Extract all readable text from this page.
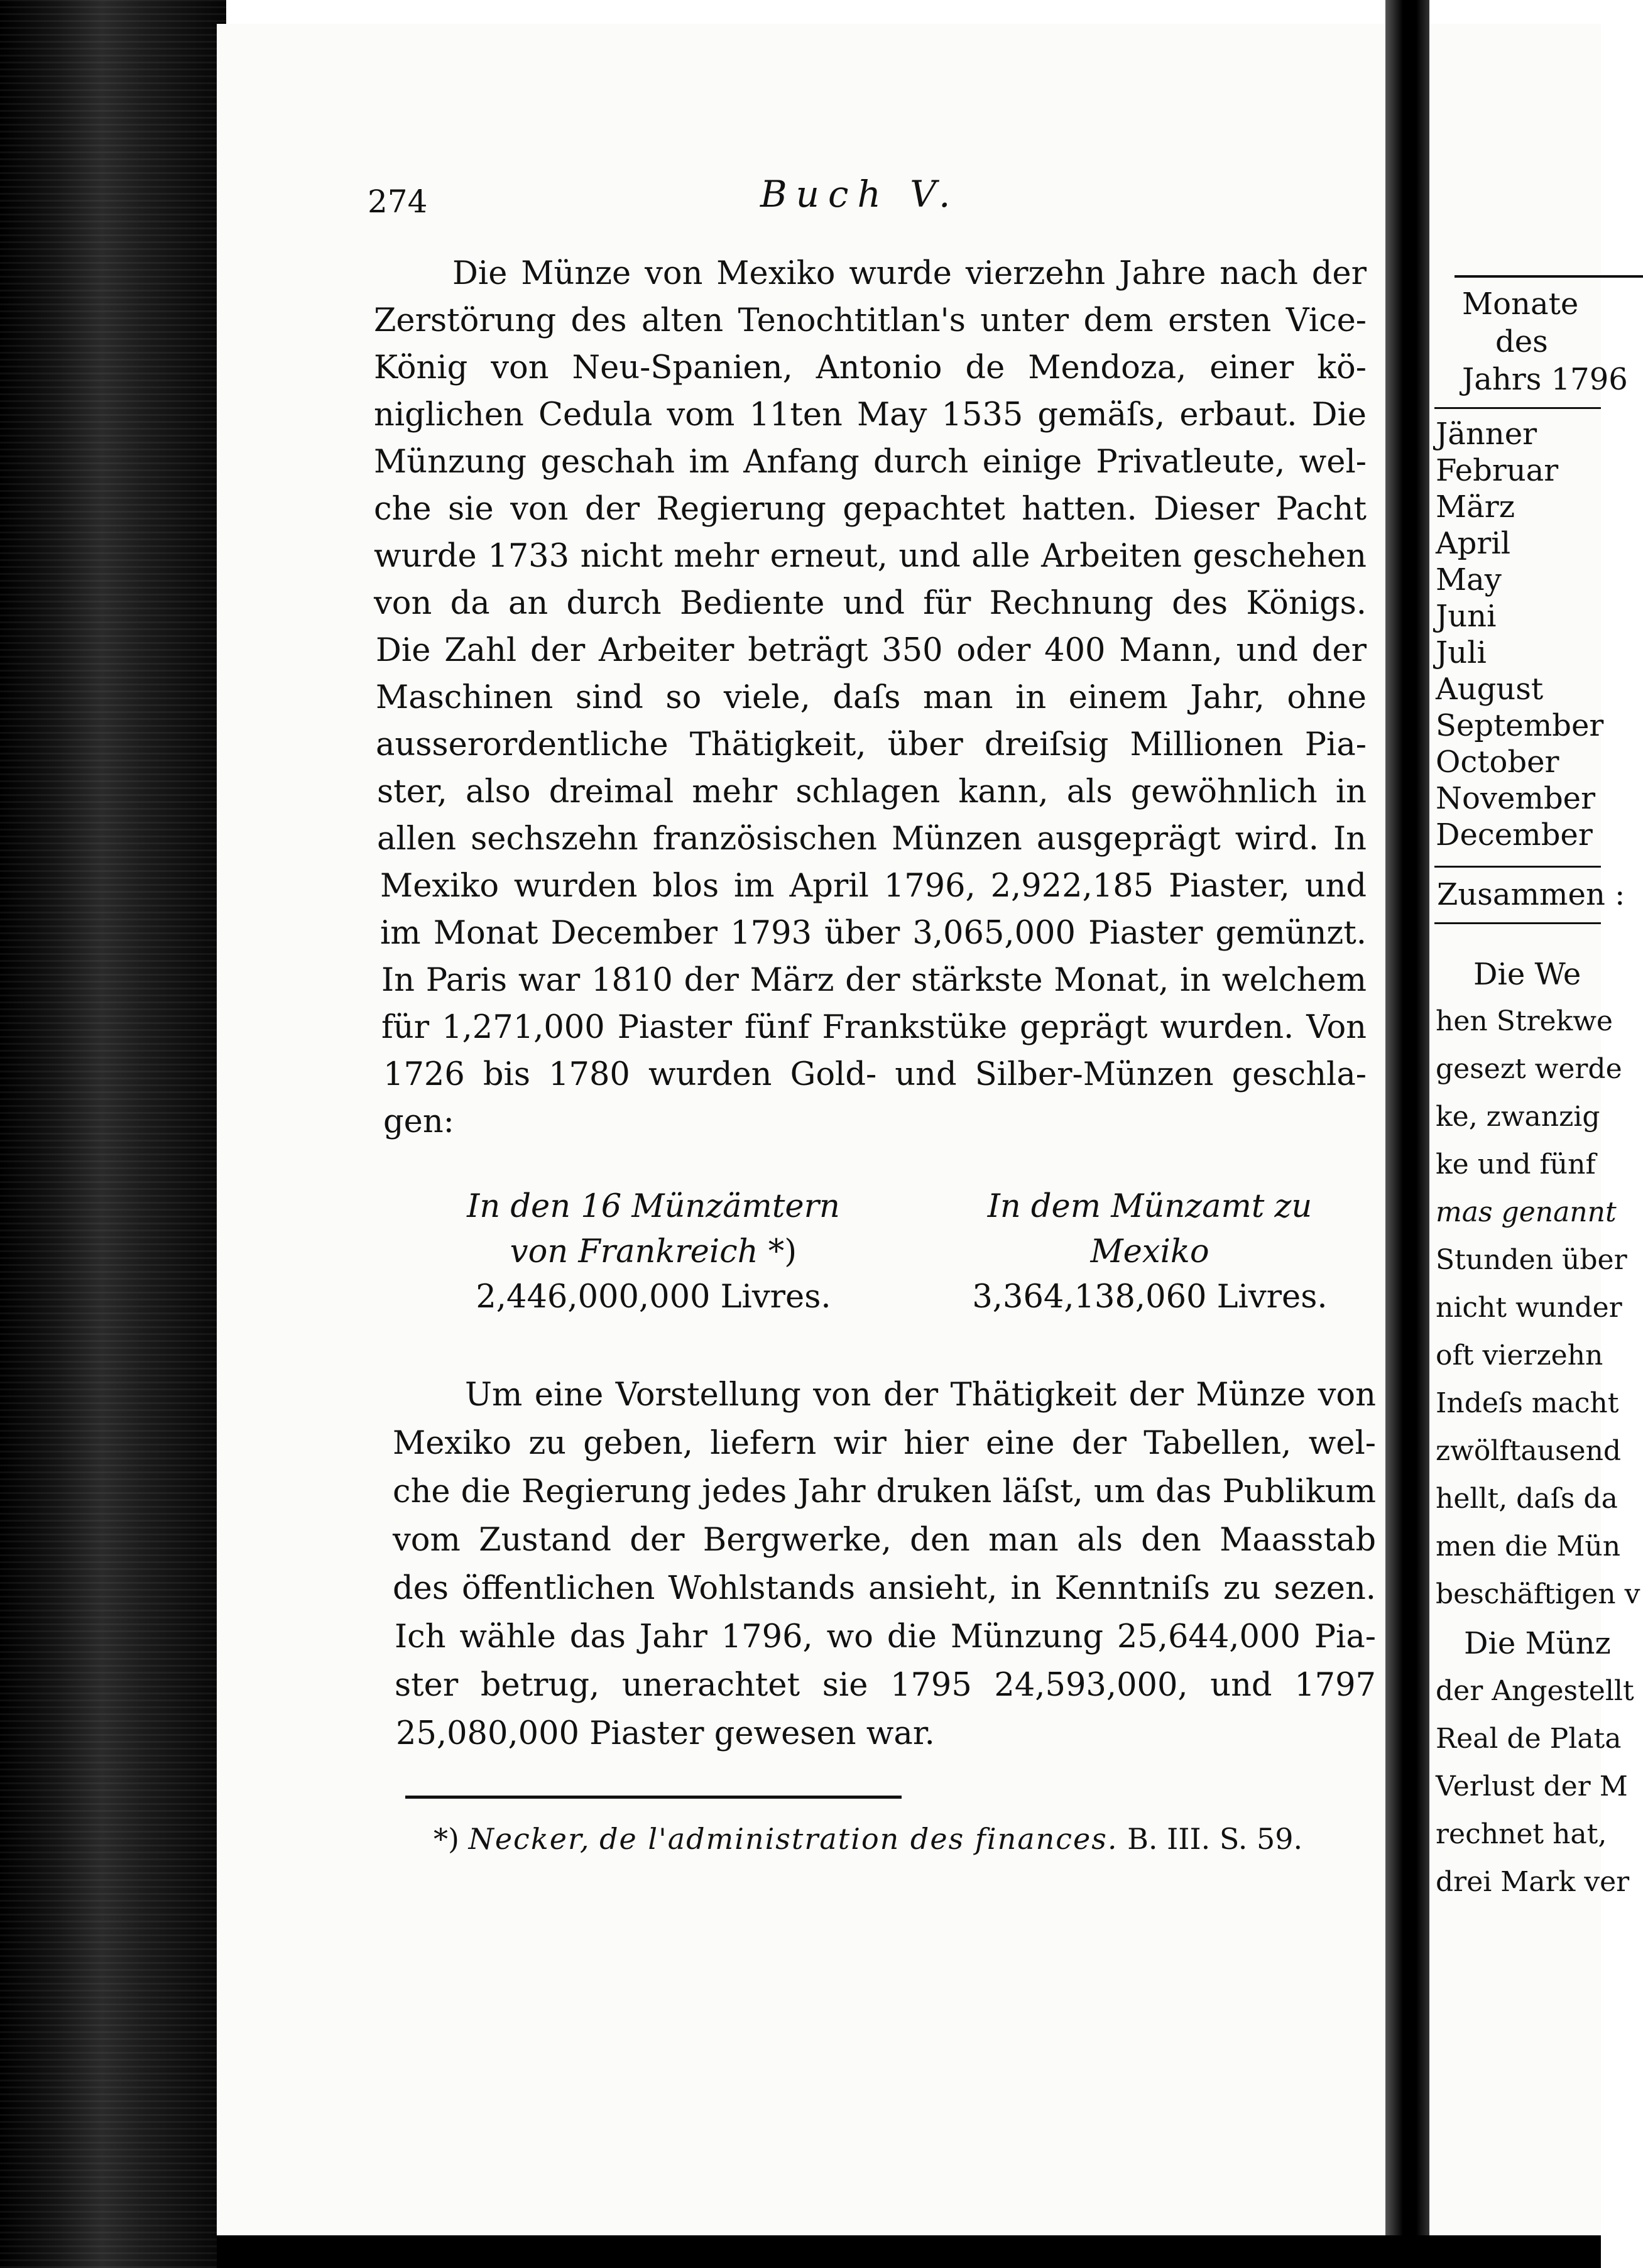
Monate
des
Jahrs 1796
Jänner
Februar
März
April
May
Juni
Juli
August
September
October
November
December
Zusammen :
Die We
hen Strekwe
gesezt werde
ke, zwanzig
ke und fünf
mas genannt
Stunden über
nicht wunder
oft vierzehn
Indeſs macht
zwölftausend
hellt, daſs da
men die Mün
beschäftigen v
Die Münz
der Angestellt
Real de Plata
Verlust der M
rechnet hat,
drei Mark ver
274	Buch V.
Die Münze von Mexiko wurde vierzehn Jahre nach der
Zerstörung des alten Tenochtitlan's unter dem ersten Vice-
König von Neu-Spanien, Antonio de Mendoza, einer kö-
niglichen Cedula vom 11ten May 1535 gemäſs, erbaut. Die
Münzung geschah im Anfang durch einige Privatleute, wel-
che sie von der Regierung gepachtet hatten. Dieser Pacht
wurde 1733 nicht mehr erneut, und alle Arbeiten geschehen
von da an durch Bediente und für Rechnung des Königs.
Die Zahl der Arbeiter beträgt 350 oder 400 Mann, und der
Maschinen sind so viele, daſs man in einem Jahr, ohne
ausserordentliche Thätigkeit, über dreiſsig Millionen Pia-
ster, also dreimal mehr schlagen kann, als gewöhnlich in
allen sechszehn französischen Münzen ausgeprägt wird. In
Mexiko wurden blos im April 1796, 2,922,185 Piaster, und
im Monat December 1793 über 3,065,000 Piaster gemünzt.
In Paris war 1810 der März der stärkste Monat, in welchem
für 1,271,000 Piaster fünf Frankstüke geprägt wurden. Von
1726 bis 1780 wurden Gold- und Silber-Münzen geschla-
gen:
In den 16 Münzämtern
von Frankreich *)
2,446,000,000 Livres.
In dem Münzamt zu
Mexiko
3,364,138,060 Livres.
Um eine Vorstellung von der Thätigkeit der Münze von
Mexiko zu geben, liefern wir hier eine der Tabellen, wel-
che die Regierung jedes Jahr druken läſst, um das Publikum
vom Zustand der Bergwerke, den man als den Maasstab
des öffentlichen Wohlstands ansieht, in Kenntniſs zu sezen.
Ich wähle das Jahr 1796, wo die Münzung 25,644,000 Pia-
ster betrug, unerachtet sie 1795 24,593,000, und 1797
25,080,000 Piaster gewesen war.
*) Necker, de l'administration des finances. B. III. S. 59.
